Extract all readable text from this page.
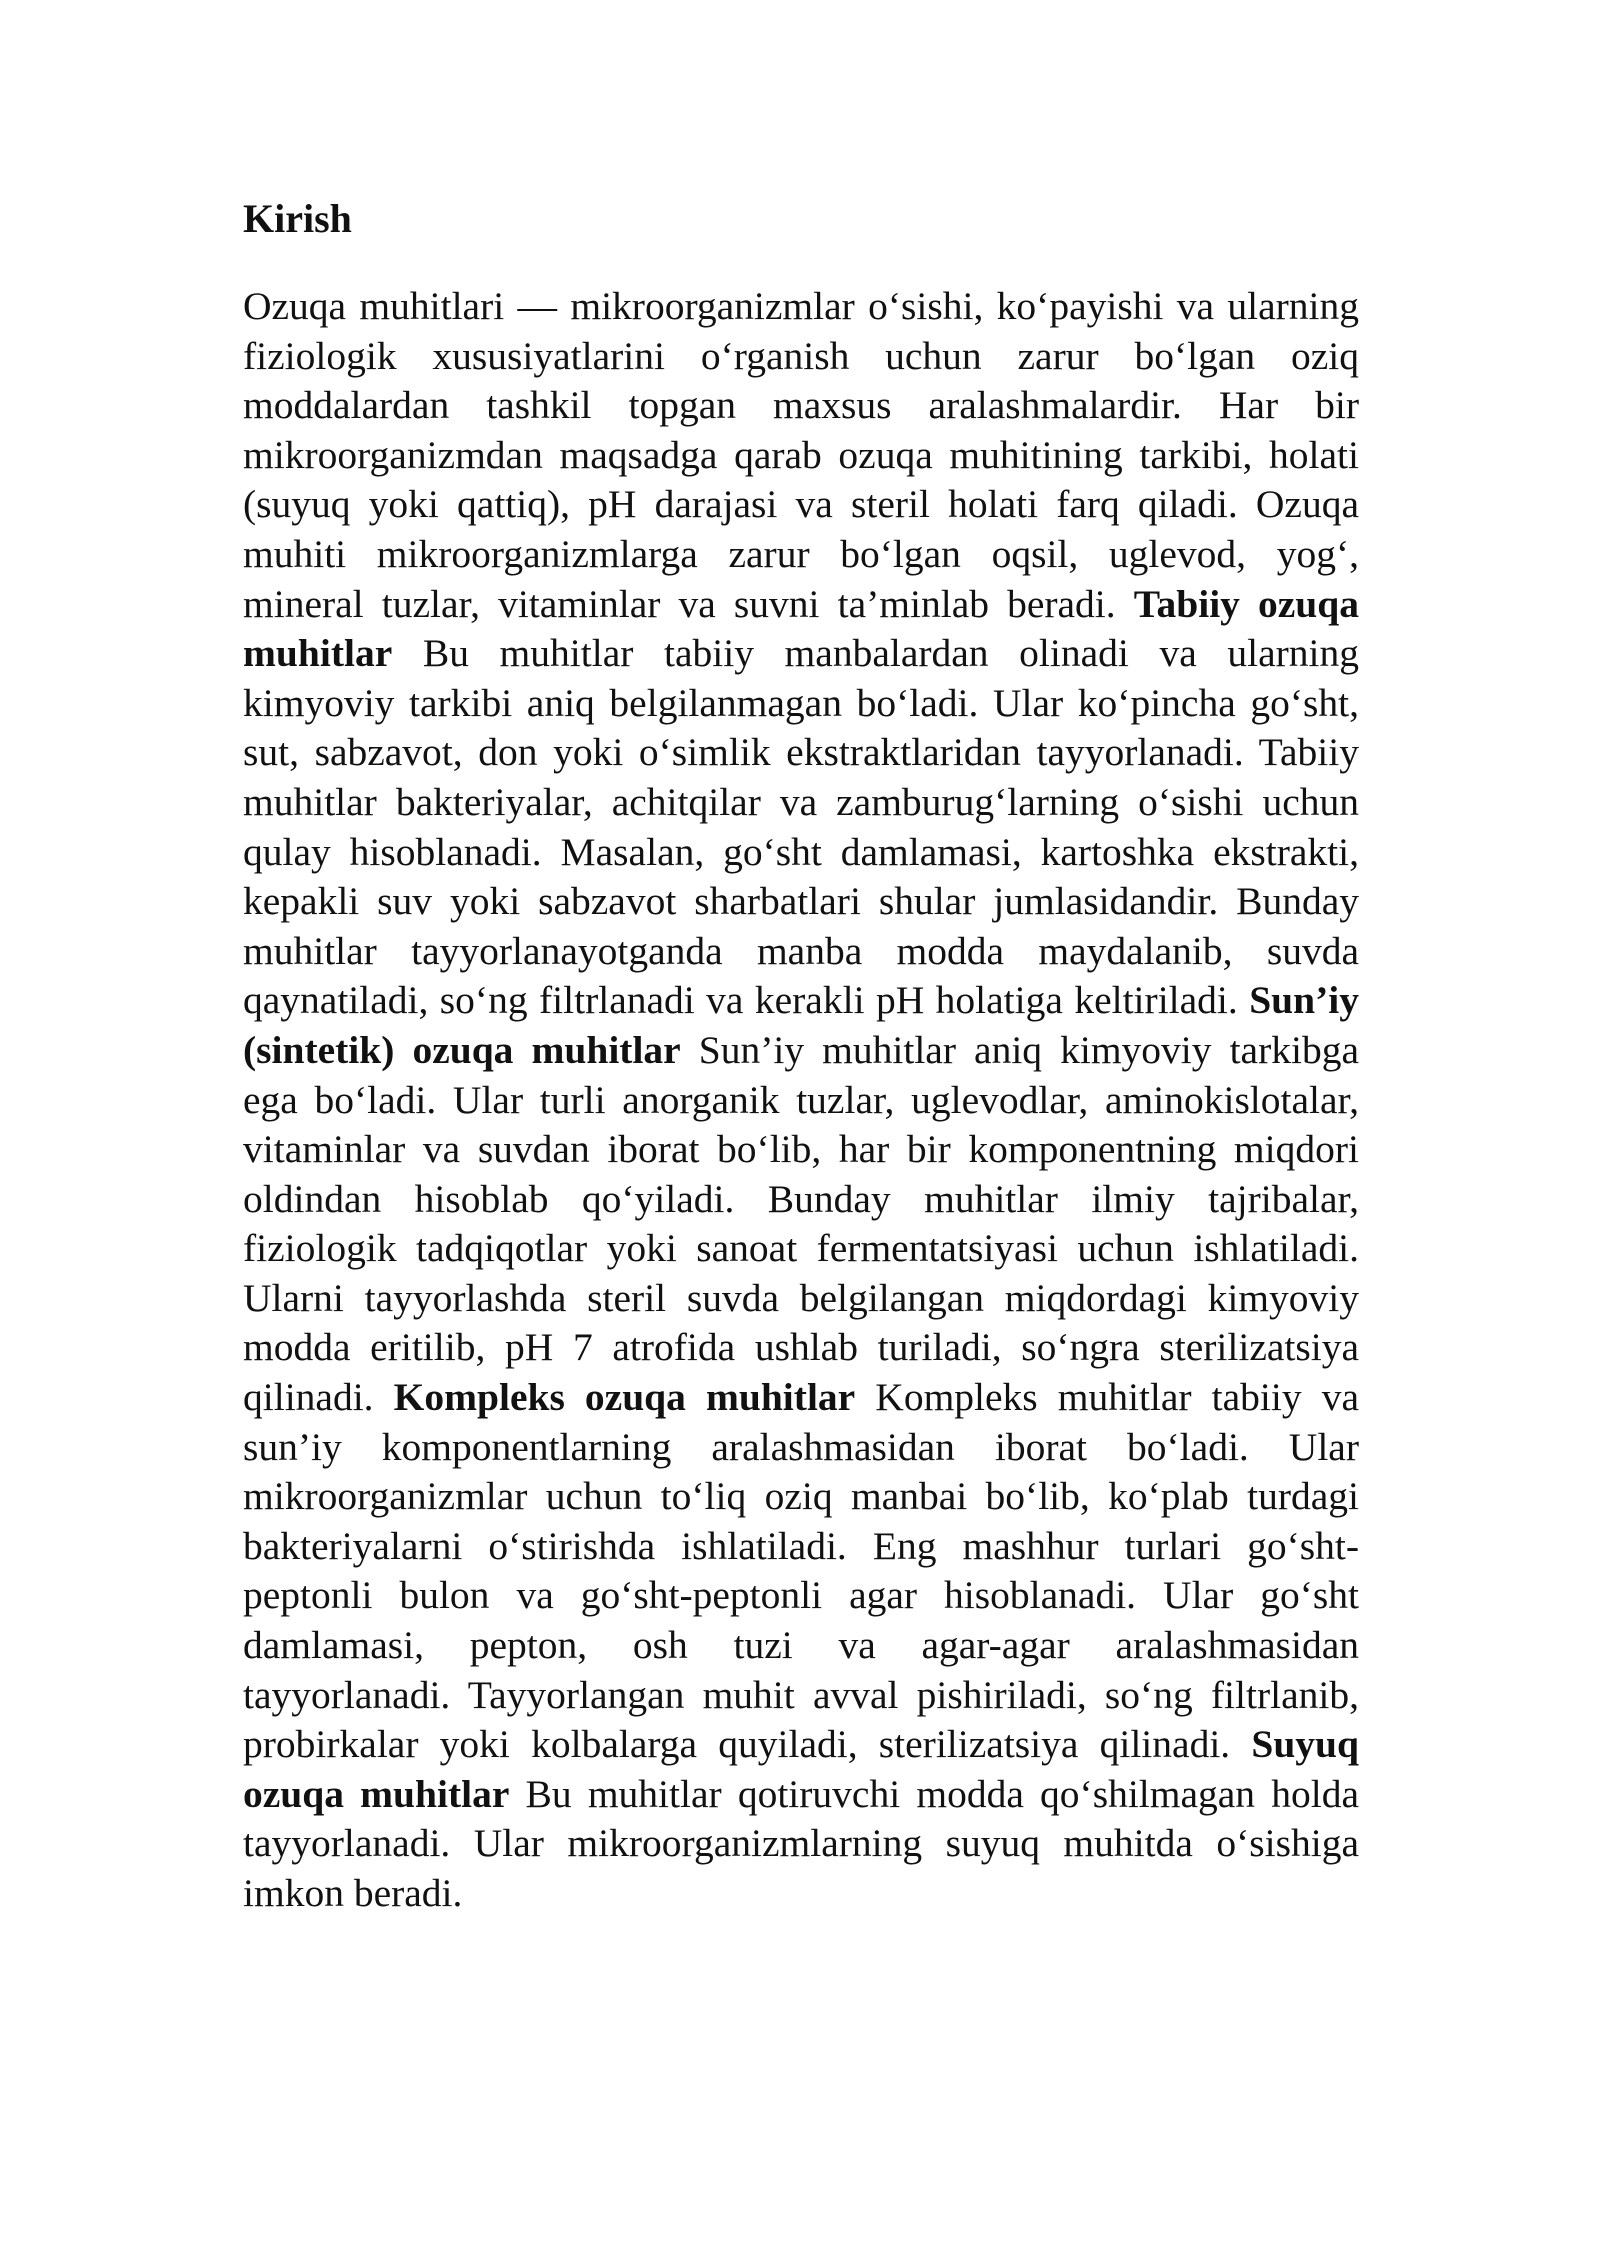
Kirish

Ozuqa muhitlari — mikroorganizmlar o‘sishi, ko‘payishi va ularning fiziologik xususiyatlarini o‘rganish uchun zarur bo‘lgan oziq moddalardan tashkil topgan maxsus aralashmalardir. Har bir mikroorganizmdan maqsadga qarab ozuqa muhitining tarkibi, holati (suyuq yoki qattiq), pH darajasi va steril holati farq qiladi. Ozuqa muhiti mikroorganizmlarga zarur bo‘lgan oqsil, uglevod, yog‘, mineral tuzlar, vitaminlar va suvni ta’minlab beradi. Tabiiy ozuqa muhitlar Bu muhitlar tabiiy manbalardan olinadi va ularning kimyoviy tarkibi aniq belgilanmagan bo‘ladi. Ular ko‘pincha go‘sht, sut, sabzavot, don yoki o‘simlik ekstraktlaridan tayyorlanadi. Tabiiy muhitlar bakteriyalar, achitqilar va zamburug‘larning o‘sishi uchun qulay hisoblanadi. Masalan, go‘sht damlamasi, kartoshka ekstrakti, kepakli suv yoki sabzavot sharbatlari shular jumlasidandir. Bunday muhitlar tayyorlanayotganda manba modda maydalanib, suvda qaynatiladi, so‘ng filtrlanadi va kerakli pH holatiga keltiriladi. Sun’iy (sintetik) ozuqa muhitlar Sun’iy muhitlar aniq kimyoviy tarkibga ega bo‘ladi. Ular turli anorganik tuzlar, uglevodlar, aminokislotalar, vitaminlar va suvdan iborat bo‘lib, har bir komponentning miqdori oldindan hisoblab qo‘yiladi. Bunday muhitlar ilmiy tajribalar, fiziologik tadqiqotlar yoki sanoat fermentatsiyasi uchun ishlatiladi. Ularni tayyorlashda steril suvda belgilangan miqdordagi kimyoviy modda eritilib, pH 7 atrofida ushlab turiladi, so‘ngra sterilizatsiya qilinadi. Kompleks ozuqa muhitlar Kompleks muhitlar tabiiy va sun’iy komponentlarning aralashmasidan iborat bo‘ladi. Ular mikroorganizmlar uchun to‘liq oziq manbai bo‘lib, ko‘plab turdagi bakteriyalarni o‘stirishda ishlatiladi. Eng mashhur turlari go‘sht-peptonli bulon va go‘sht-peptonli agar hisoblanadi. Ular go‘sht damlamasi, pepton, osh tuzi va agar-agar aralashmasidan tayyorlanadi. Tayyorlangan muhit avval pishiriladi, so‘ng filtrlanib, probirkalar yoki kolbalarga quyiladi, sterilizatsiya qilinadi. Suyuq ozuqa muhitlar Bu muhitlar qotiruvchi modda qo‘shilmagan holda tayyorlanadi. Ular mikroorganizmlarning suyuq muhitda o‘sishiga imkon beradi.
